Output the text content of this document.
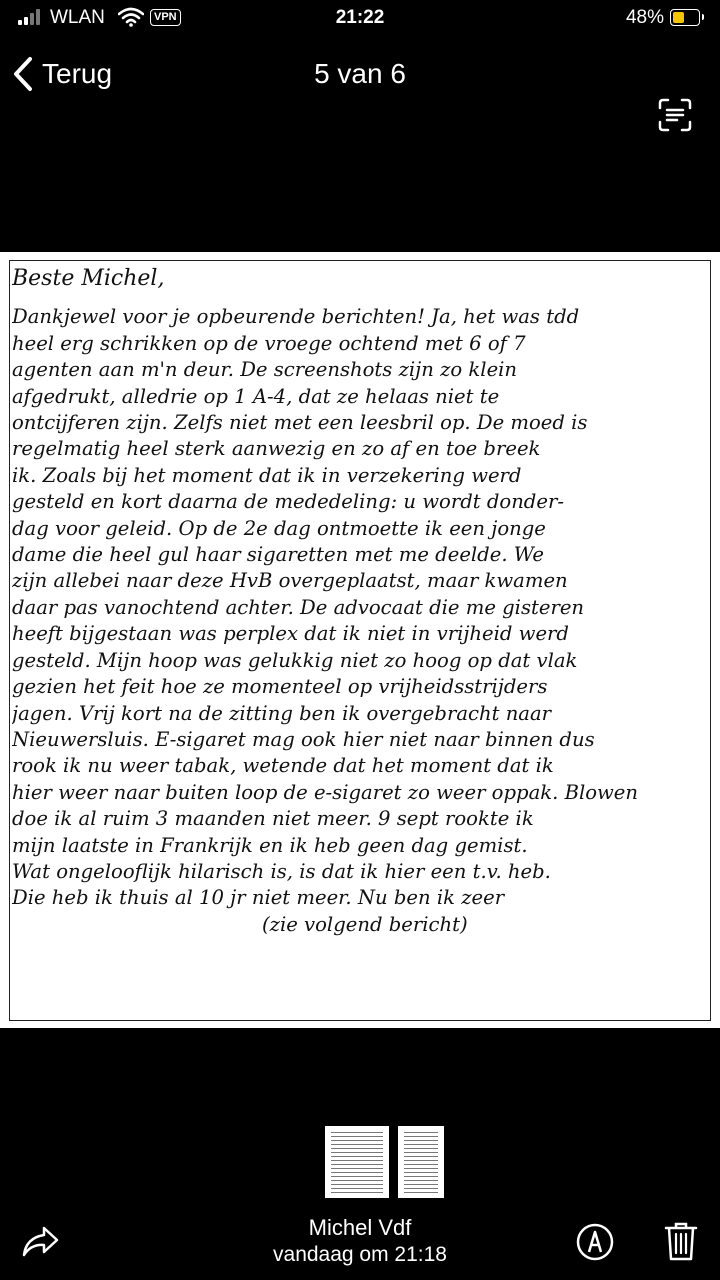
WLAN	VPN	21:22	48%
Terug	5 van 6
Beste Michel,
Dankjewel voor je opbeurende berichten! Ja, het was tdd
heel erg schrikken op de vroege ochtend met 6 of 7
agenten aan m'n deur. De screenshots zijn zo klein
afgedrukt, alledrie op 1 A-4, dat ze helaas niet te
ontcijferen zijn. Zelfs niet met een leesbril op. De moed is
regelmatig heel sterk aanwezig en zo af en toe breek
ik. Zoals bij het moment dat ik in verzekering werd
gesteld en kort daarna de mededeling: u wordt donder-
dag voor geleid. Op de 2e dag ontmoette ik een jonge
dame die heel gul haar sigaretten met me deelde. We
zijn allebei naar deze HvB overgeplaatst, maar kwamen
daar pas vanochtend achter. De advocaat die me gisteren
heeft bijgestaan was perplex dat ik niet in vrijheid werd
gesteld. Mijn hoop was gelukkig niet zo hoog op dat vlak
gezien het feit hoe ze momenteel op vrijheidsstrijders
jagen. Vrij kort na de zitting ben ik overgebracht naar
Nieuwersluis. E-sigaret mag ook hier niet naar binnen dus
rook ik nu weer tabak, wetende dat het moment dat ik
hier weer naar buiten loop de e-sigaret zo weer oppak. Blowen
doe ik al ruim 3 maanden niet meer. 9 sept rookte ik
mijn laatste in Frankrijk en ik heb geen dag gemist.
Wat ongelooflijk hilarisch is, is dat ik hier een t.v. heb.
Die heb ik thuis al 10 jr niet meer. Nu ben ik zeer
(zie volgend bericht)
Michel Vdf
vandaag om 21:18
